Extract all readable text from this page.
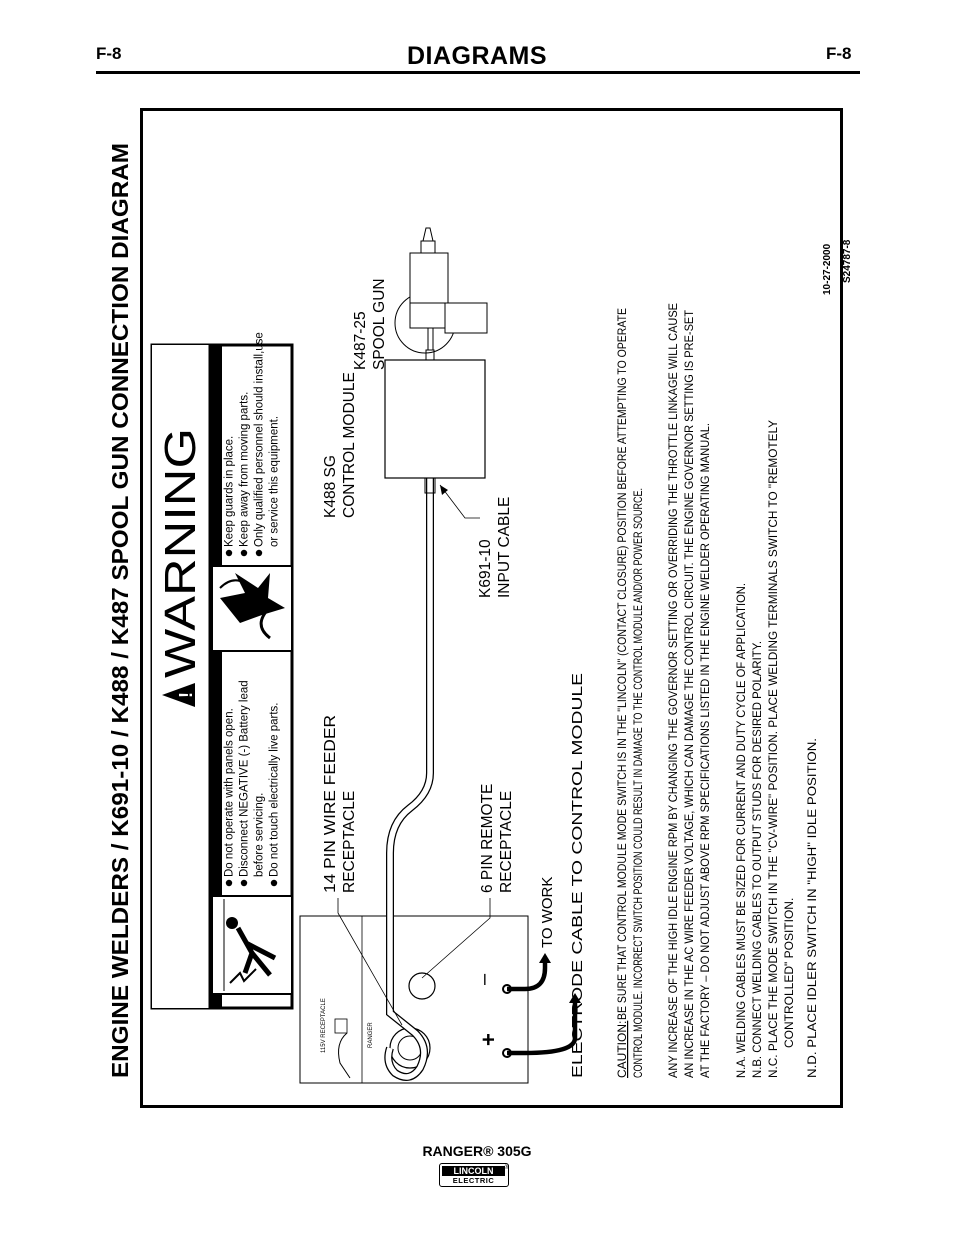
F-8	DIAGRAMS	F-8
ENGINE WELDERS / K691-10 / K488 / K487 SPOOL GUN CONNECTION DIAGRAM	10-27-2000 S24787-8
!
WARNING
Do not operate with panels open. Disconnect NEGATIVE (-) Battery lead before servicing. Do not touch electrically live parts.
Keep guards in place. Keep away from moving parts. Only qualified personnel should install,use or service this equipment.
115V RECEPTACLE	RANGER	+
–	ELECTRODE CABLE TO CONTROL MODULE
TO WORK
14 PIN WIRE FEEDER RECEPTACLE	6 PIN REMOTE RECEPTACLE
K691-10 INPUT CABLE
K488 SG CONTROL MODULE
K487-25 SPOOL GUN
CAUTION:
BE SURE THAT CONTROL MODULE MODE SWITCH IS IN THE "LINCOLN" (CONTACT CLOSURE) POSITION BEFORE ATTEMPTING TO OPERATE CONTROL MODULE. INCORRECT SWITCH POSITION COULD RESULT IN DAMAGE TO THE CONTROL MODULE AND/OR POWER SOURCE. ANY INCREASE OF THE HIGH IDLE ENGINE RPM BY CHANGING THE GOVERNOR SETTING OR OVERRIDING THE THROTTLE LINKAGE WILL CAUSE AN INCREASE IN THE AC WIRE FEEDER VOLTAGE, WHICH CAN DAMAGE THE CONTROL CIRCUIT. THE ENGINE GOVERNOR SETTING IS PRE-SET AT THE FACTORY – DO NOT ADJUST ABOVE RPM SPECIFICATIONS LISTED IN THE ENGINE WELDER OPERATING MANUAL. N.A. WELDING CABLES MUST BE SIZED FOR CURRENT AND DUTY CYCLE OF APPLICATION. N.B. CONNECT WELDING CABLES TO OUTPUT STUDS FOR DESIRED POLARITY. N.C. PLACE THE MODE SWITCH IN THE "CV-WIRE" POSITION. PLACE WELDING TERMINALS SWITCH TO "REMOTELY CONTROLLED" POSITION. N.D. PLACE IDLER SWITCH IN "HIGH" IDLE POSITION.
RANGER® 305G
LINCOLN
ELECTRIC
®
